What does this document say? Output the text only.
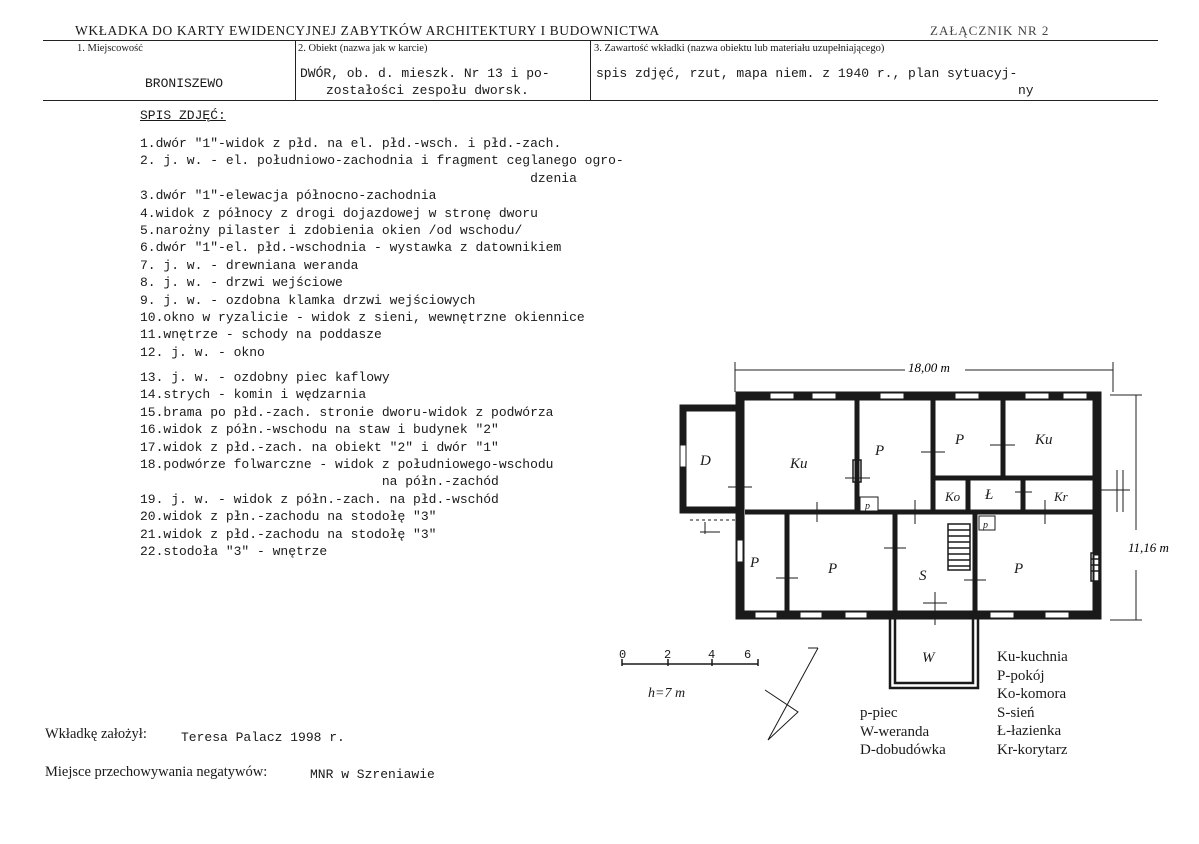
WKŁADKA DO KARTY EWIDENCYJNEJ ZABYTKÓW ARCHITEKTURY I BUDOWNICTWA	ZAŁĄCZNIK NR 2
1. Miejscowość
BRONISZEWO
2. Obiekt (nazwa jak w karcie)
DWÓR, ob. d. mieszk. Nr 13 i po-
zostałości zespołu dworsk.
3. Zawartość wkładki (nazwa obiektu lub materiału uzupełniającego)
spis zdjęć, rzut, mapa niem. z 1940 r., plan sytuacyj-
ny
SPIS ZDJĘĆ:
1.dwór "1"-widok z płd. na el. płd.-wsch. i płd.-zach.
2. j. w. - el. południowo-zachodnia i fragment ceglanego ogro-
dzenia
3.dwór "1"-elewacja północno-zachodnia
4.widok z północy z drogi dojazdowej w stronę dworu
5.narożny pilaster i zdobienia okien /od wschodu/
6.dwór "1"-el. płd.-wschodnia - wystawka z datownikiem
7. j. w. - drewniana weranda
8. j. w. - drzwi wejściowe
9. j. w. - ozdobna klamka drzwi wejściowych
10.okno w ryzalicie - widok z sieni, wewnętrzne okiennice
11.wnętrze - schody na poddasze
12. j. w. - okno
13. j. w. - ozdobny piec kaflowy
14.strych - komin i wędzarnia
15.brama po płd.-zach. stronie dworu-widok z podwórza
16.widok z półn.-wschodu na staw i budynek "2"
17.widok z płd.-zach. na obiekt "2" i dwór "1"
18.podwórze folwarczne - widok z południowego-wschodu
na półn.-zachód
19. j. w. - widok z półn.-zach. na płd.-wschód
20.widok z płn.-zachodu na stodołę "3"
21.widok z płd.-zachodu na stodołę "3"
22.stodoła "3" - wnętrze
18,00 m
11,16 m
D	Ku
P
P	Ku
Ko Ł	Kr
P	P	S	P
W
p
p
0	2	4 6
h=7 m
p-piec
W-weranda
D-dobudówka
Ku-kuchnia
P-pokój
Ko-komora
S-sień
Ł-łazienka
Kr-korytarz
Wkładkę założył:	Teresa Palacz 1998 r.
Miejsce przechowywania negatywów:	MNR w Szreniawie
